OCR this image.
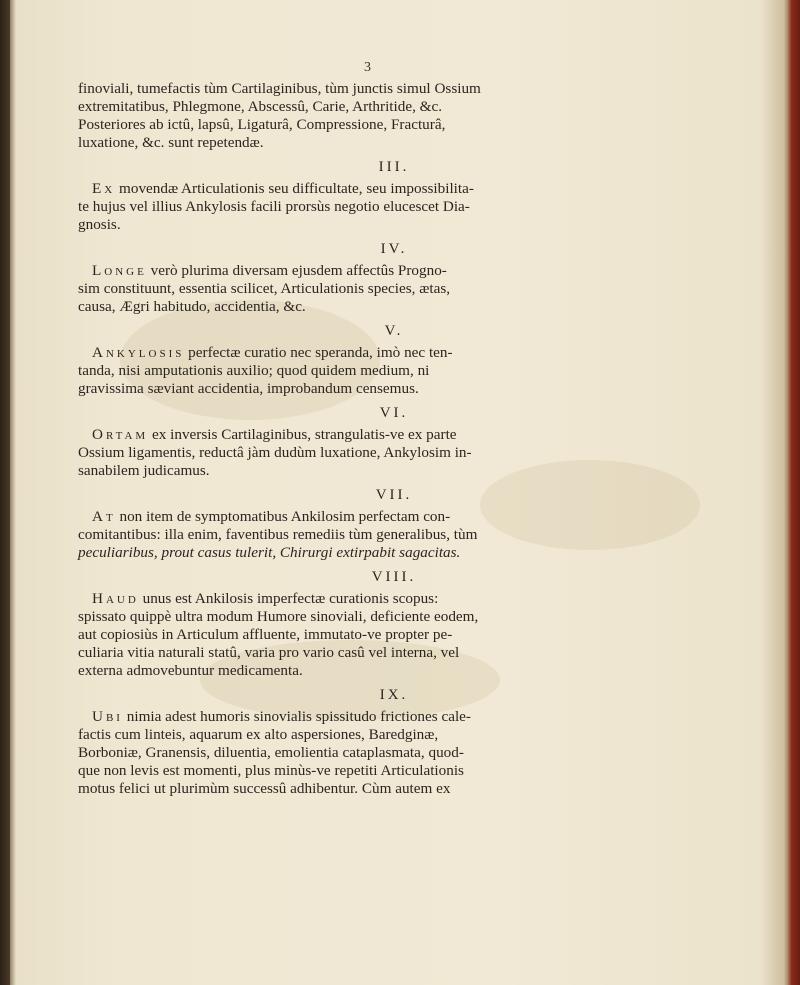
3

finoviali, tumefactis tùm Cartilaginibus, tùm junctis simul Ossium
extremitatibus, Phlegmone, Abscessû, Carie, Arthritide, &c.
Posteriores ab ictû, lapsû, Ligaturâ, Compressione, Fracturâ,
luxatione, &c. sunt repetendæ.

III.

Ex movendæ Articulationis seu difficultate, seu impossibilita-
te hujus vel illius Ankylosis facili prorsùs negotio elucescet Dia-
gnosis.

IV.

Longe verò plurima diversam ejusdem affectûs Progno-
sim constituunt, essentia scilicet, Articulationis species, ætas,
causa, Ægri habitudo, accidentia, &c.

V.

Ankylosis perfectæ curatio nec speranda, imò nec ten-
tanda, nisi amputationis auxilio; quod quidem medium, ni
gravissima sæviant accidentia, improbandum censemus.

VI.

Ortam ex inversis Cartilaginibus, strangulatis-ve ex parte
Ossium ligamentis, reductâ jàm dudùm luxatione, Ankylosim in-
sanabilem judicamus.

VII.

At non item de symptomatibus Ankilosim perfectam con-
comitantibus: illa enim, faventibus remediis tùm generalibus, tùm
peculiaribus, prout casus tulerit, Chirurgi extirpabit sagacitas.

VIII.

Haud unus est Ankilosis imperfectæ curationis scopus:
spissato quippè ultra modum Humore sinoviali, deficiente eodem,
aut copiosiùs in Articulum affluente, immutato-ve propter pe-
culiaria vitia naturali statû, varia pro vario casû vel interna, vel
externa admovebuntur medicamenta.

IX.

Ubi nimia adest humoris sinovialis spissitudo frictiones cale-
factis cum linteis, aquarum ex alto aspersiones, Baredginæ,
Borboniæ, Granensis, diluentia, emolientia cataplasmata, quod-
que non levis est momenti, plus minùs-ve repetiti Articulationis
motus felici ut plurimùm successû adhibentur. Cùm autem ex
